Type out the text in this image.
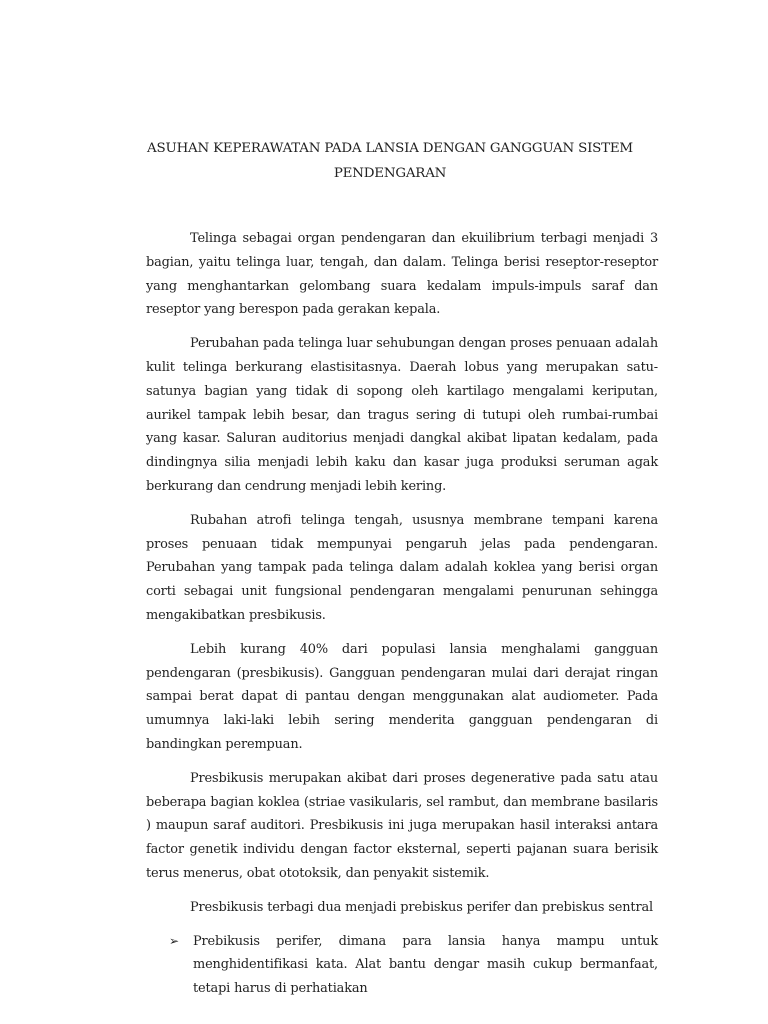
ASUHAN KEPERAWATAN PADA LANSIA DENGAN GANGGUAN SISTEM PENDENGARAN

Telinga sebagai organ pendengaran dan ekuilibrium terbagi menjadi 3 bagian, yaitu telinga luar, tengah, dan dalam. Telinga berisi reseptor-reseptor yang menghantarkan gelombang suara kedalam impuls-impuls saraf dan reseptor yang berespon pada gerakan kepala.

Perubahan pada telinga luar sehubungan dengan proses penuaan adalah kulit telinga berkurang elastisitasnya. Daerah lobus yang merupakan satu-satunya bagian yang tidak di sopong oleh kartilago mengalami keriputan, aurikel tampak lebih besar, dan tragus sering di tutupi oleh rumbai-rumbai yang kasar. Saluran auditorius menjadi dangkal akibat lipatan kedalam, pada dindingnya silia menjadi lebih kaku dan kasar juga produksi seruman agak berkurang dan cendrung menjadi lebih kering.

Rubahan atrofi telinga tengah, ususnya membrane tempani karena proses penuaan tidak mempunyai pengaruh jelas pada pendengaran. Perubahan yang tampak pada telinga dalam adalah koklea yang berisi organ corti sebagai unit fungsional pendengaran mengalami penurunan sehingga mengakibatkan presbikusis.

Lebih kurang 40% dari populasi lansia menghalami gangguan pendengaran (presbikusis). Gangguan pendengaran mulai dari derajat ringan sampai berat dapat di pantau dengan menggunakan alat audiometer. Pada umumnya laki-laki lebih sering menderita gangguan pendengaran di bandingkan perempuan.

Presbikusis merupakan akibat dari proses degenerative pada satu atau beberapa bagian koklea (striae vasikularis, sel rambut, dan membrane basilaris ) maupun saraf auditori. Presbikusis ini juga merupakan hasil interaksi antara factor genetik individu dengan factor eksternal, seperti pajanan suara berisik terus menerus, obat ototoksik, dan penyakit sistemik.

Presbikusis terbagi dua menjadi prebiskus perifer dan prebiskus sentral

➢ Prebikusis perifer, dimana para lansia hanya mampu untuk menghidentifikasi kata. Alat bantu dengar masih cukup bermanfaat, tetapi harus di perhatiakan
